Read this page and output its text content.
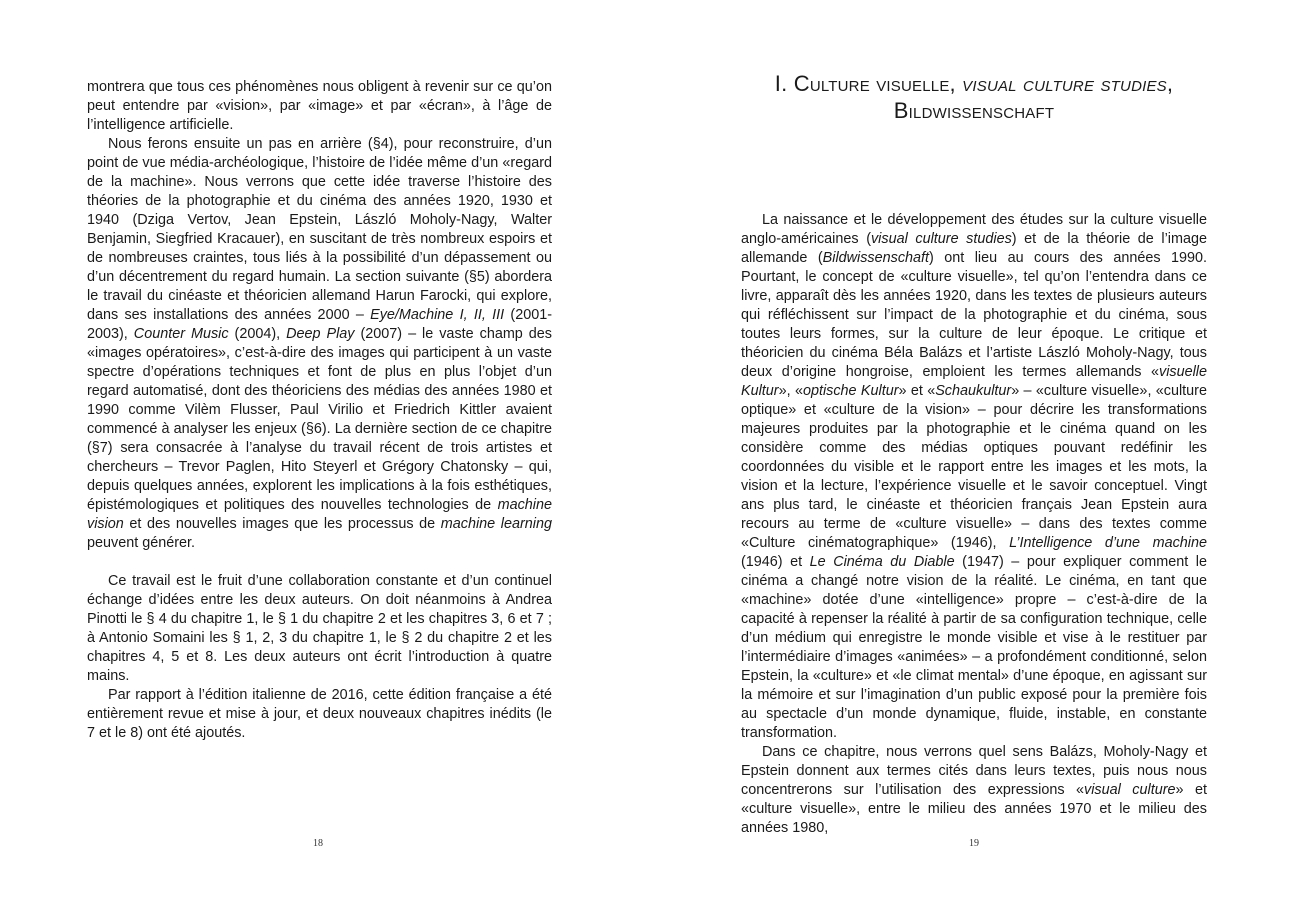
montrera que tous ces phénomènes nous obligent à revenir sur ce qu’on peut entendre par «vision», par «image» et par «écran», à l’âge de l’intelligence artificielle.

Nous ferons ensuite un pas en arrière (§4), pour reconstruire, d’un point de vue média-archéologique, l’histoire de l’idée même d’un «regard de la machine». Nous verrons que cette idée traverse l’histoire des théories de la photographie et du cinéma des années 1920, 1930 et 1940 (Dziga Vertov, Jean Epstein, László Moholy-Nagy, Walter Benjamin, Siegfried Kracauer), en suscitant de très nombreux espoirs et de nombreuses craintes, tous liés à la possibilité d’un dépassement ou d’un décentrement du regard humain. La section suivante (§5) abordera le travail du cinéaste et théoricien allemand Harun Farocki, qui explore, dans ses installations des années 2000 – Eye/Machine I, II, III (2001-2003), Counter Music (2004), Deep Play (2007) – le vaste champ des «images opératoires», c’est-à-dire des images qui participent à un vaste spectre d’opérations techniques et font de plus en plus l’objet d’un regard automatisé, dont des théoriciens des médias des années 1980 et 1990 comme Vilèm Flusser, Paul Virilio et Friedrich Kittler avaient commencé à analyser les enjeux (§6). La dernière section de ce chapitre (§7) sera consacrée à l’analyse du travail récent de trois artistes et chercheurs – Trevor Paglen, Hito Steyerl et Grégory Chatonsky – qui, depuis quelques années, explorent les implications à la fois esthétiques, épistémologiques et politiques des nouvelles technologies de machine vision et des nouvelles images que les processus de machine learning peuvent générer.

Ce travail est le fruit d’une collaboration constante et d’un continuel échange d’idées entre les deux auteurs. On doit néanmoins à Andrea Pinotti le § 4 du chapitre 1, le § 1 du chapitre 2 et les chapitres 3, 6 et 7 ; à Antonio Somaini les § 1, 2, 3 du chapitre 1, le § 2 du chapitre 2 et les chapitres 4, 5 et 8. Les deux auteurs ont écrit l’introduction à quatre mains.

Par rapport à l’édition italienne de 2016, cette édition française a été entièrement revue et mise à jour, et deux nouveaux chapitres inédits (le 7 et le 8) ont été ajoutés.

18
I. Culture visuelle, visual culture studies,
Bildwissenschaft

La naissance et le développement des études sur la culture visuelle anglo-américaines (visual culture studies) et de la théorie de l’image allemande (Bildwissenschaft) ont lieu au cours des années 1990. Pourtant, le concept de «culture visuelle», tel qu’on l’entendra dans ce livre, apparaît dès les années 1920, dans les textes de plusieurs auteurs qui réfléchissent sur l’impact de la photographie et du cinéma, sous toutes leurs formes, sur la culture de leur époque. Le critique et théoricien du cinéma Béla Balázs et l’artiste László Moholy-Nagy, tous deux d’origine hongroise, emploient les termes allemands «visuelle Kultur», «optische Kultur» et «Schaukultur» – «culture visuelle», «culture optique» et «culture de la vision» – pour décrire les transformations majeures produites par la photographie et le cinéma quand on les considère comme des médias optiques pouvant redéfinir les coordonnées du visible et le rapport entre les images et les mots, la vision et la lecture, l’expérience visuelle et le savoir conceptuel. Vingt ans plus tard, le cinéaste et théoricien français Jean Epstein aura recours au terme de «culture visuelle» – dans des textes comme «Culture cinématographique» (1946), L’Intelligence d’une machine (1946) et Le Cinéma du Diable (1947) – pour expliquer comment le cinéma a changé notre vision de la réalité. Le cinéma, en tant que «machine» dotée d’une «intelligence» propre – c’est-à-dire de la capacité à repenser la réalité à partir de sa configuration technique, celle d’un médium qui enregistre le monde visible et vise à le restituer par l’intermédiaire d’images «animées» – a profondément conditionné, selon Epstein, la «culture» et «le climat mental» d’une époque, en agissant sur la mémoire et sur l’imagination d’un public exposé pour la première fois au spectacle d’un monde dynamique, fluide, instable, en constante transformation.

Dans ce chapitre, nous verrons quel sens Balázs, Moholy-Nagy et Epstein donnent aux termes cités dans leurs textes, puis nous nous concentrerons sur l’utilisation des expressions «visual culture» et «culture visuelle», entre le milieu des années 1970 et le milieu des années 1980,

19
